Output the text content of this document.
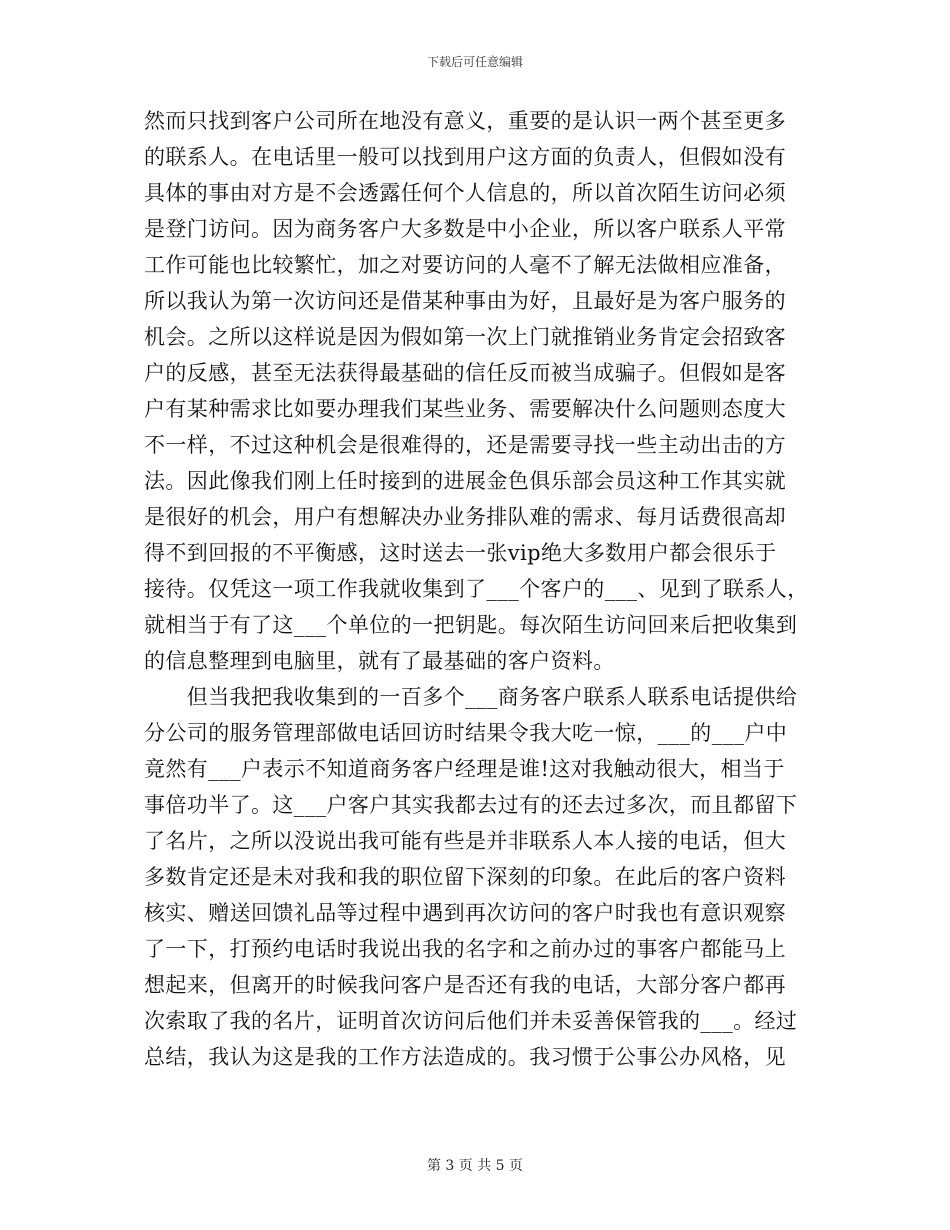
下载后可任意编辑
然而只找到客户公司所在地没有意义，重要的是认识一两个甚至更多
的联系人。在电话里一般可以找到用户这方面的负责人，但假如没有
具体的事由对方是不会透露任何个人信息的，所以首次陌生访问必须
是登门访问。因为商务客户大多数是中小企业，所以客户联系人平常
工作可能也比较繁忙，加之对要访问的人毫不了解无法做相应准备，
所以我认为第一次访问还是借某种事由为好，且最好是为客户服务的
机会。之所以这样说是因为假如第一次上门就推销业务肯定会招致客
户的反感，甚至无法获得最基础的信任反而被当成骗子。但假如是客
户有某种需求比如要办理我们某些业务、需要解决什么问题则态度大
不一样，不过这种机会是很难得的，还是需要寻找一些主动出击的方
法。因此像我们刚上任时接到的进展金色俱乐部会员这种工作其实就
是很好的机会，用户有想解决办业务排队难的需求、每月话费很高却
得不到回报的不平衡感，这时送去一张vip绝大多数用户都会很乐于
接待。仅凭这一项工作我就收集到了___个客户的___、见到了联系人，
就相当于有了这___个单位的一把钥匙。每次陌生访问回来后把收集到
的信息整理到电脑里，就有了最基础的客户资料。
　　但当我把我收集到的一百多个___商务客户联系人联系电话提供给
分公司的服务管理部做电话回访时结果令我大吃一惊，___的___户中
竟然有___户表示不知道商务客户经理是谁!这对我触动很大，相当于
事倍功半了。这___户客户其实我都去过有的还去过多次，而且都留下
了名片，之所以没说出我可能有些是并非联系人本人接的电话，但大
多数肯定还是未对我和我的职位留下深刻的印象。在此后的客户资料
核实、赠送回馈礼品等过程中遇到再次访问的客户时我也有意识观察
了一下，打预约电话时我说出我的名字和之前办过的事客户都能马上
想起来，但离开的时候我问客户是否还有我的电话，大部分客户都再
次索取了我的名片，证明首次访问后他们并未妥善保管我的___。经过
总结，我认为这是我的工作方法造成的。我习惯于公事公办风格，见
第 3 页 共 5 页
